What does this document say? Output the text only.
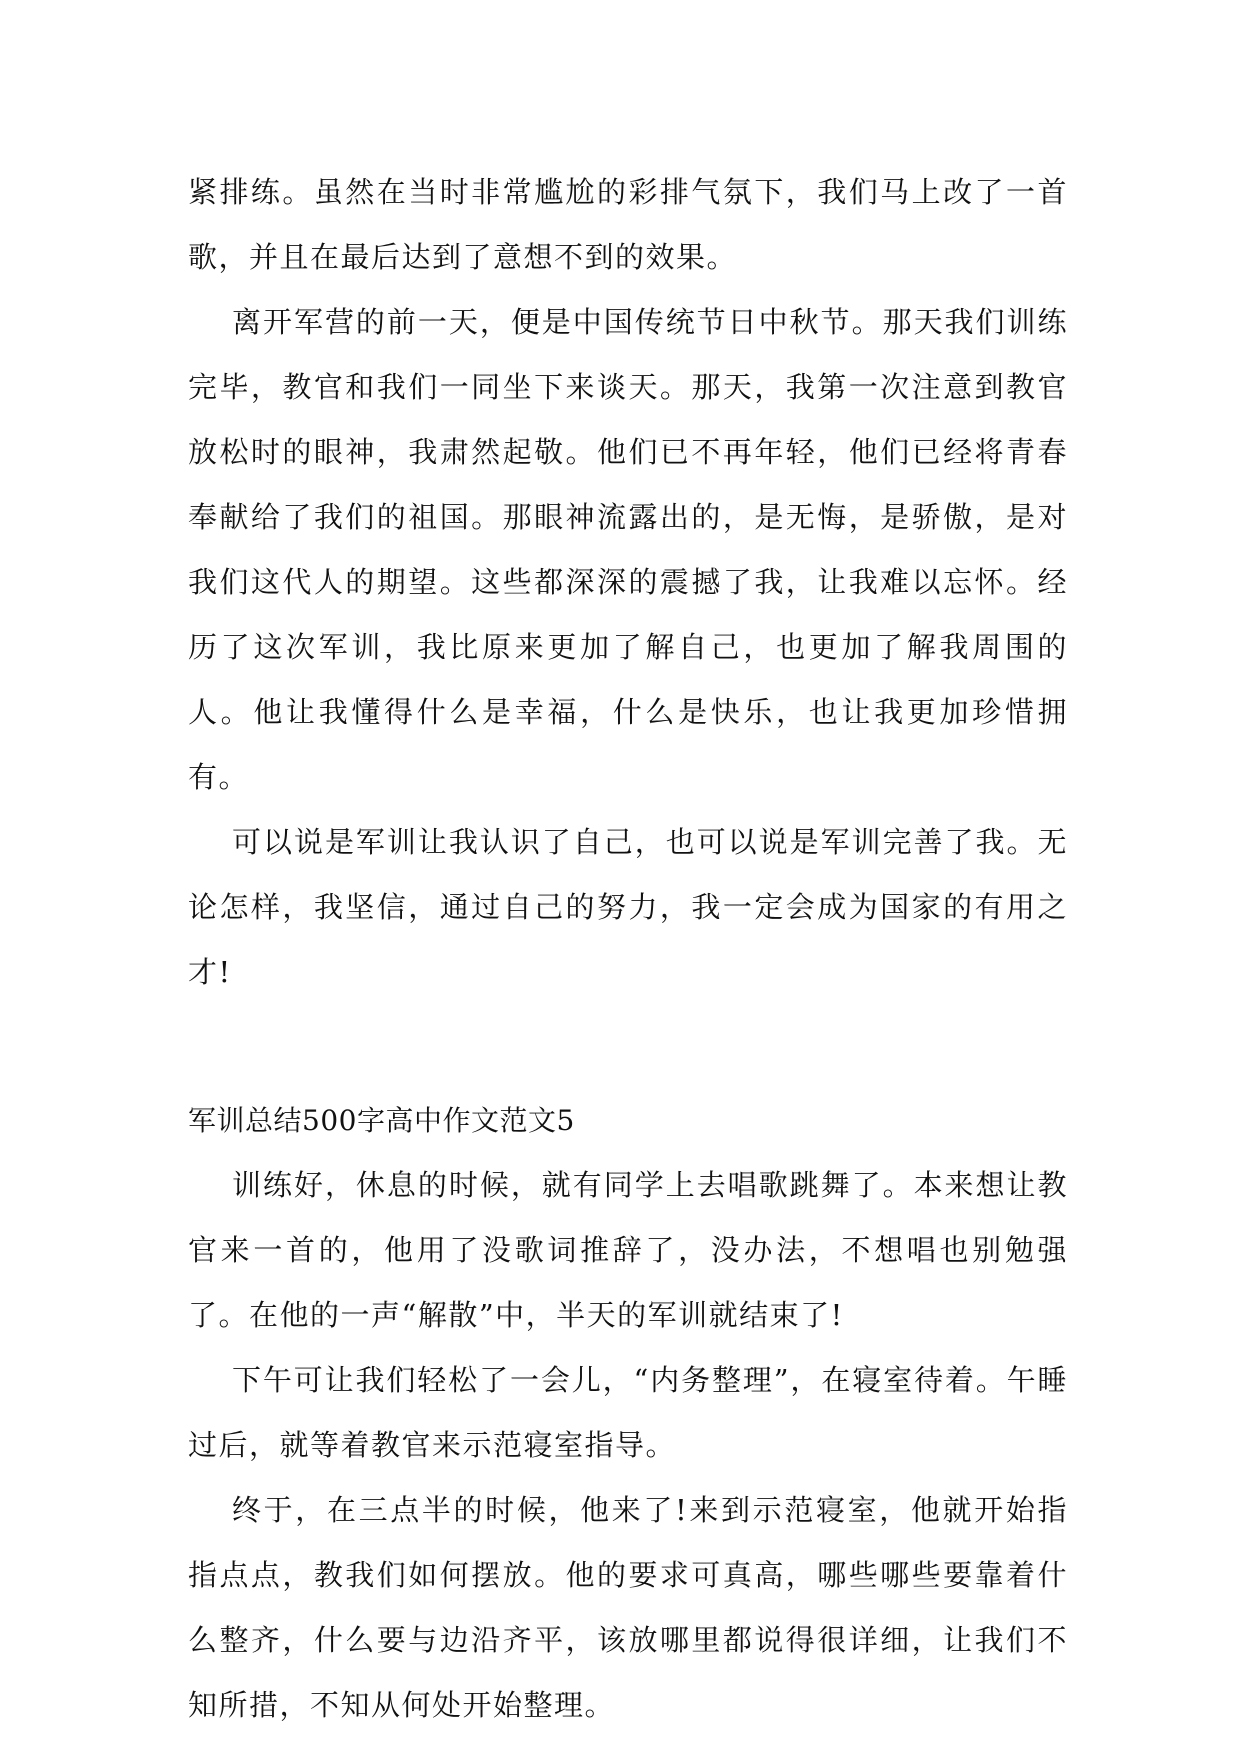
紧排练。虽然在当时非常尴尬的彩排气氛下，我们马上改了一首歌，并且在最后达到了意想不到的效果。

离开军营的前一天，便是中国传统节日中秋节。那天我们训练完毕，教官和我们一同坐下来谈天。那天，我第一次注意到教官放松时的眼神，我肃然起敬。他们已不再年轻，他们已经将青春奉献给了我们的祖国。那眼神流露出的，是无悔，是骄傲，是对我们这代人的期望。这些都深深的震撼了我，让我难以忘怀。经历了这次军训，我比原来更加了解自己，也更加了解我周围的人。他让我懂得什么是幸福，什么是快乐，也让我更加珍惜拥有。

可以说是军训让我认识了自己，也可以说是军训完善了我。无论怎样，我坚信，通过自己的努力，我一定会成为国家的有用之才!

军训总结500字高中作文范文5

训练好，休息的时候，就有同学上去唱歌跳舞了。本来想让教官来一首的，他用了没歌词推辞了，没办法，不想唱也别勉强了。在他的一声“解散”中，半天的军训就结束了!

下午可让我们轻松了一会儿，“内务整理”，在寝室待着。午睡过后，就等着教官来示范寝室指导。

终于，在三点半的时候，他来了!来到示范寝室，他就开始指指点点，教我们如何摆放。他的要求可真高，哪些哪些要靠着什么整齐，什么要与边沿齐平，该放哪里都说得很详细，让我们不知所措，不知从何处开始整理。
